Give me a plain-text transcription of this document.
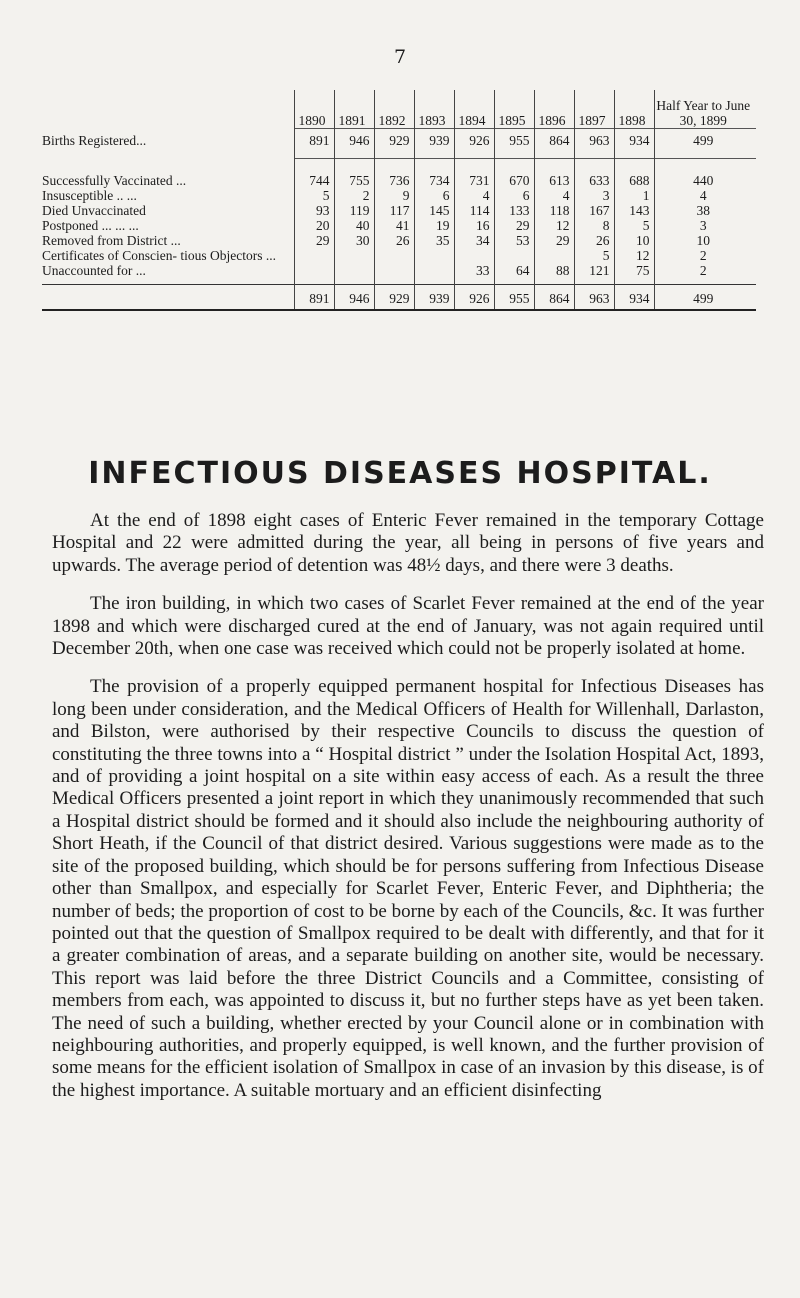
7
	1890	1891	1892	1893	1894	1895	1896	1897	1898	Half Year to June 30, 1899
Births Registered...	891	946	929	939	926	955	864	963	934	499
Successfully Vaccinated ...	744	755	736	734	731	670	613	633	688	440
Insusceptible .. ...	5	2	9	6	4	6	4	3	1	4
Died Unvaccinated	93	119	117	145	114	133	118	167	143	38
Postponed ... ... ...	20	40	41	19	16	29	12	8	5	3
Removed from District ...	29	30	26	35	34	53	29	26	10	10
Certificates of Conscien- tious Objectors ...								5	12	2
Unaccounted for ...					33	64	88	121	75	2

	891	946	929	939	926	955	864	963	934	499
INFECTIOUS DISEASES HOSPITAL.

At the end of 1898 eight cases of Enteric Fever remained in the temporary Cottage Hospital and 22 were admitted during the year, all being in persons of five years and upwards. The average period of detention was 48½ days, and there were 3 deaths.

The iron building, in which two cases of Scarlet Fever remained at the end of the year 1898 and which were discharged cured at the end of January, was not again required until December 20th, when one case was received which could not be properly isolated at home.

The provision of a properly equipped permanent hospital for Infectious Diseases has long been under consideration, and the Medical Officers of Health for Willenhall, Darlaston, and Bilston, were authorised by their respective Councils to discuss the question of constituting the three towns into a “ Hospital district ” under the Isolation Hospital Act, 1893, and of providing a joint hospital on a site within easy access of each. As a result the three Medical Officers presented a joint report in which they unanimously recommended that such a Hospital district should be formed and it should also include the neighbouring authority of Short Heath, if the Council of that district desired. Various suggestions were made as to the site of the proposed building, which should be for persons suffering from Infectious Disease other than Smallpox, and especially for Scarlet Fever, Enteric Fever, and Diphtheria; the number of beds; the proportion of cost to be borne by each of the Councils, &c. It was further pointed out that the question of Smallpox required to be dealt with differently, and that for it a greater combination of areas, and a separate building on another site, would be necessary. This report was laid before the three District Councils and a Committee, consisting of members from each, was appointed to discuss it, but no further steps have as yet been taken. The need of such a building, whether erected by your Council alone or in combination with neighbouring authorities, and properly equipped, is well known, and the further provision of some means for the efficient isolation of Smallpox in case of an invasion by this disease, is of the highest importance. A suitable mortuary and an efficient disinfecting
